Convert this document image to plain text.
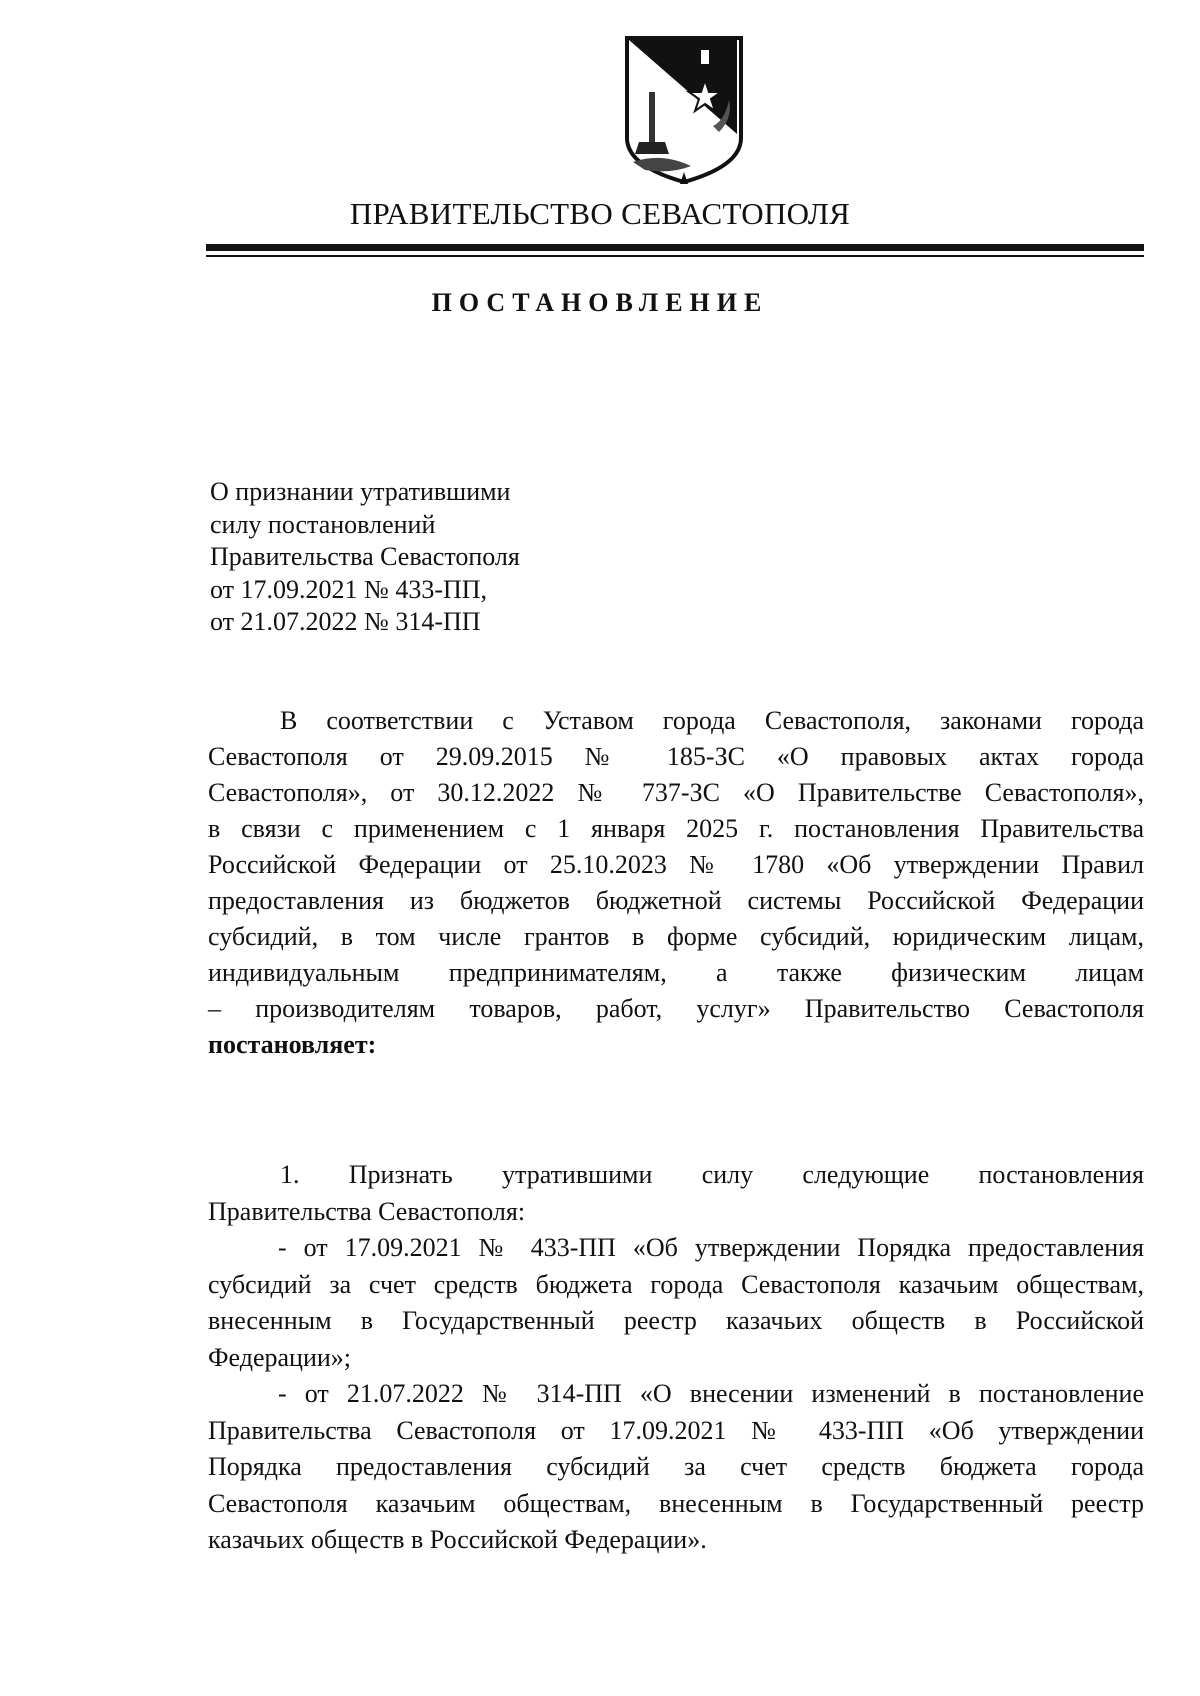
ПРАВИТЕЛЬСТВО СЕВАСТОПОЛЯ
ПОСТАНОВЛЕНИЕ
О признании утратившими
силу постановлений
Правительства Севастополя
от 17.09.2021 № 433-ПП,
от 21.07.2022 № 314-ПП
В соответствии с Уставом города Севастополя, законами города
Севастополя от 29.09.2015 № 185-ЗС «О правовых актах города
Севастополя», от 30.12.2022 № 737-ЗС «О Правительстве Севастополя»,
в связи с применением с 1 января 2025 г. постановления Правительства
Российской Федерации от 25.10.2023 № 1780 «Об утверждении Правил
предоставления из бюджетов бюджетной системы Российской Федерации
субсидий, в том числе грантов в форме субсидий, юридическим лицам,
индивидуальным предпринимателям, а также физическим лицам
– производителям товаров, работ, услуг» Правительство Севастополя
постановляет:
1. Признать утратившими силу следующие постановления
Правительства Севастополя:
- от 17.09.2021 № 433-ПП «Об утверждении Порядка предоставления
субсидий за счет средств бюджета города Севастополя казачьим обществам,
внесенным в Государственный реестр казачьих обществ в Российской
Федерации»;
- от 21.07.2022 № 314-ПП «О внесении изменений в постановление
Правительства Севастополя от 17.09.2021 № 433-ПП «Об утверждении
Порядка предоставления субсидий за счет средств бюджета города
Севастополя казачьим обществам, внесенным в Государственный реестр
казачьих обществ в Российской Федерации».
